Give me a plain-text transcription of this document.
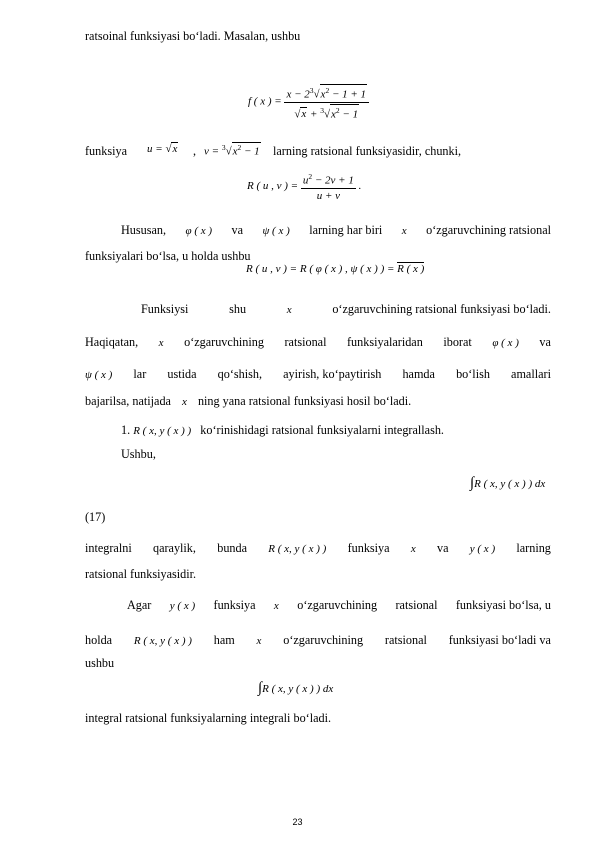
ratsoinal funksiyasi bo‘ladi. Masalan, ushbu
f ( x ) = $\frac{x - 2^3√x^2 - 1 + 1}{√x + ^3√x^2 - 1}$
funksiya u = √x , $v = ^3√x^2 - 1$ larning ratsional funksiyasidir, chunki,
R ( u , v ) = $\frac{u^2 - 2v + 1}{u + v}$ .
Hususan, φ ( x ) va ψ ( x ) larning har biri x o‘zgaruvchining ratsional
funksiyalari bo‘lsa, u holda ushbu
R ( u , v ) = R ( φ ( x ) , ψ ( x ) ) = R ( x )
Funksiysi	shu	x	o‘zgaruvchining ratsional funksiyasi bo‘ladi.
Haqiqatan, x o‘zgaruvchining ratsional funksiyalaridan iborat φ ( x ) va
ψ ( x ) lar ustida qo‘shish, ayirish, ko‘paytirish hamda bo‘lish amallari
bajarilsa, natijada x ning yana ratsional funksiyasi hosil bo‘ladi.
1. R ( x, y ( x ) ) ko‘rinishidagi ratsional funksiyalarni integrallash.
Ushbu,
∫R ( x, y ( x ) ) dx
(17)
integralni qaraylik, bunda R ( x, y ( x ) ) funksiya x va y ( x ) larning
ratsional funksiyasidir.
Agar y ( x ) funksiya x o‘zgaruvchining ratsional funksiyasi bo‘lsa, u
holda R ( x, y ( x ) ) ham x o‘zgaruvchining ratsional funksiyasi bo‘ladi va
ushbu
∫R ( x, y ( x ) ) dx
integral ratsional funksiyalarning integrali bo‘ladi.
23
